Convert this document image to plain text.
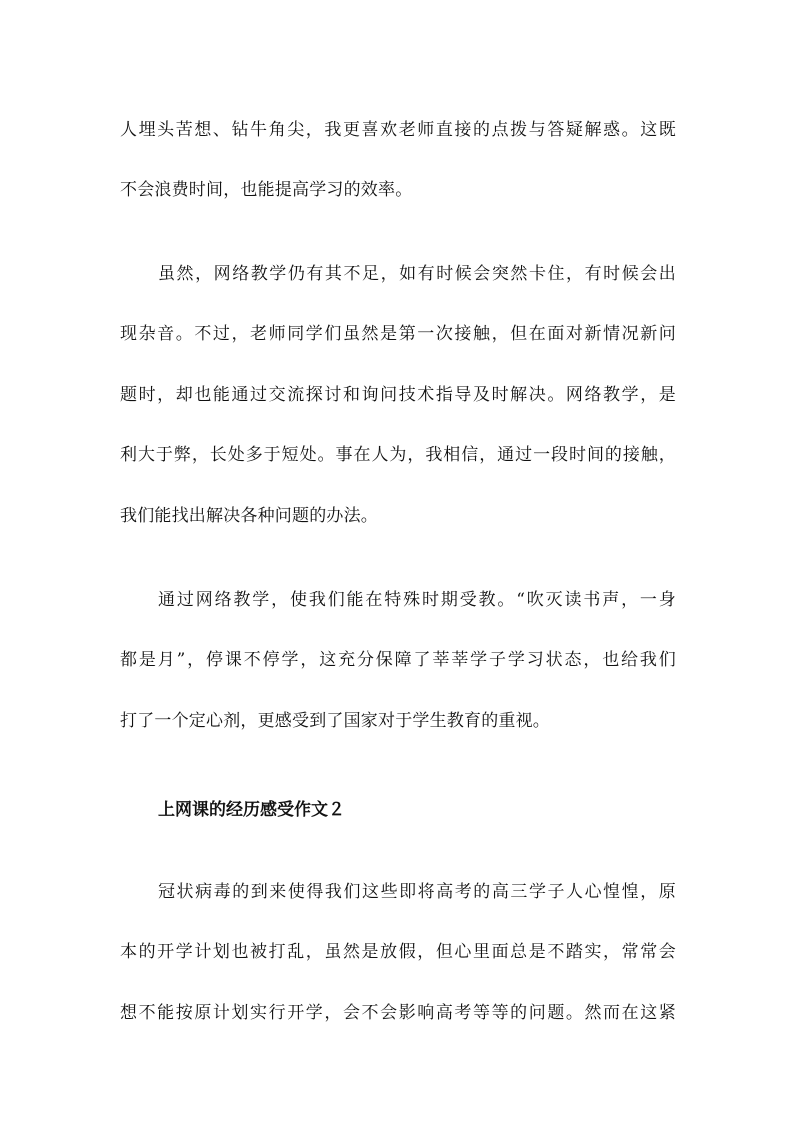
人埋头苦想、钻牛角尖，我更喜欢老师直接的点拨与答疑解惑。这既
不会浪费时间，也能提高学习的效率。
虽然，网络教学仍有其不足，如有时候会突然卡住，有时候会出
现杂音。不过，老师同学们虽然是第一次接触，但在面对新情况新问
题时，却也能通过交流探讨和询问技术指导及时解决。网络教学，是
利大于弊，长处多于短处。事在人为，我相信，通过一段时间的接触，
我们能找出解决各种问题的办法。
通过网络教学，使我们能在特殊时期受教。“吹灭读书声，一身
都是月”，停课不停学，这充分保障了莘莘学子学习状态，也给我们
打了一个定心剂，更感受到了国家对于学生教育的重视。
上网课的经历感受作文２
冠状病毒的到来使得我们这些即将高考的高三学子人心惶惶，原
本的开学计划也被打乱，虽然是放假，但心里面总是不踏实，常常会
想不能按原计划实行开学，会不会影响高考等等的问题。然而在这紧
